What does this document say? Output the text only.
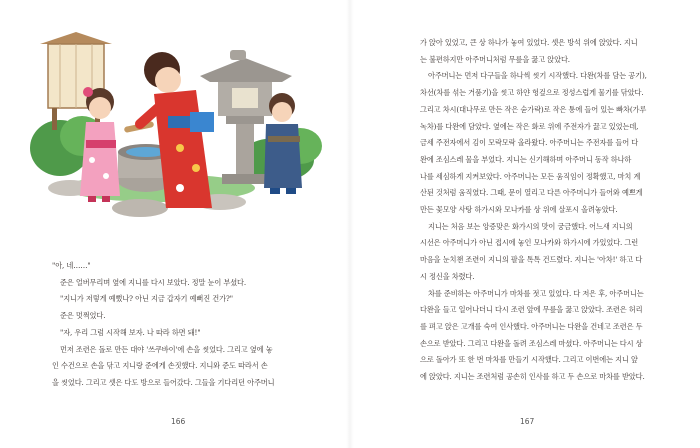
"아, 네……"

준은 얼버무리며 옆에 지니를 다시 보았다. 정말 눈이 부셨다.

"지니가 저렇게 예뻤나? 아닌 지금 갑자기 예뻐진 건가?"

준은 멋쩍었다.

"자, 우리 그럼 시작해 보자. 나 따라 하면 돼!"

먼저 조련은 돌로 만든 대야 '쓰쿠바이'에 손을 씻었다. 그리고 옆에 놓

인 수건으로 손을 닦고 지니랑 준에게 손짓했다. 지니와 준도 따라서 손

을 씻었다. 그리고 셋은 다도 방으로 들어갔다. 그들을 기다리던 아주머니

166

가 앉아 있었고, 큰 상 하나가 놓여 있었다. 셋은 방석 위에 앉았다. 지니

는 불편하지만 아주머니처럼 무릎을 꿇고 앉았다.

아주머니는 먼저 다구들을 하나씩 씻기 시작했다. 다완(차를 담는 공기),

차선(차를 섞는 거품기)을 씻고 하얀 헝겊으로 정성스럽게 물기를 닦았다.

그리고 차시(대나무로 만든 작은 숟가락)로 작은 통에 들어 있는 빠차(가루

녹차)를 다완에 담았다. 옆에는 작은 화로 위에 주전자가 끓고 있었는데,

금세 주전자에서 김이 모락모락 올라왔다. 아주머니는 주전자를 들어 다

완에 조심스레 물을 부었다. 지니는 신기해하며 아주머니 동작 하나하

나를 세심하게 지켜보았다. 아주머니는 모든 움직임이 정확했고, 마치 계

산된 것처럼 움직였다. 그때, 문이 열리고 다른 아주머니가 들어와 예쁘게

만든 꽃모양 사탕 하가시와 모나카를 상 위에 살포시 올려놓았다.

지니는 처음 보는 앙증맞은 화가시의 맛이 궁금했다. 어느새 지니의

시선은 아주머니가 아닌 접시에 놓인 모나카와 하가시에 가있었다. 그런

마음을 눈치챈 조련이 지니의 팔을 톡톡 건드렸다. 지니는 '아차!' 하고 다

시 정신을 차렸다.

차를 준비하는 아주머니가 마차를 젓고 있었다. 다 저은 후, 아주머니는

다완을 들고 일어나더니 다시 조련 앞에 무릎을 꿇고 앉았다. 조련은 허리

를 펴고 앉은 고개를 숙여 인사했다. 아주머니는 다완을 건네고 조련은 두

손으로 받았다. 그리고 다완을 돌려 조심스레 마셨다. 아주머니는 다시 상

으로 돌아가 또 한 번 마차를 만들기 시작했다. 그리고 이번에는 지니 앞

에 앉았다. 지니는 조련처럼 공손히 인사를 하고 두 손으로 마차를 받았다.

167
